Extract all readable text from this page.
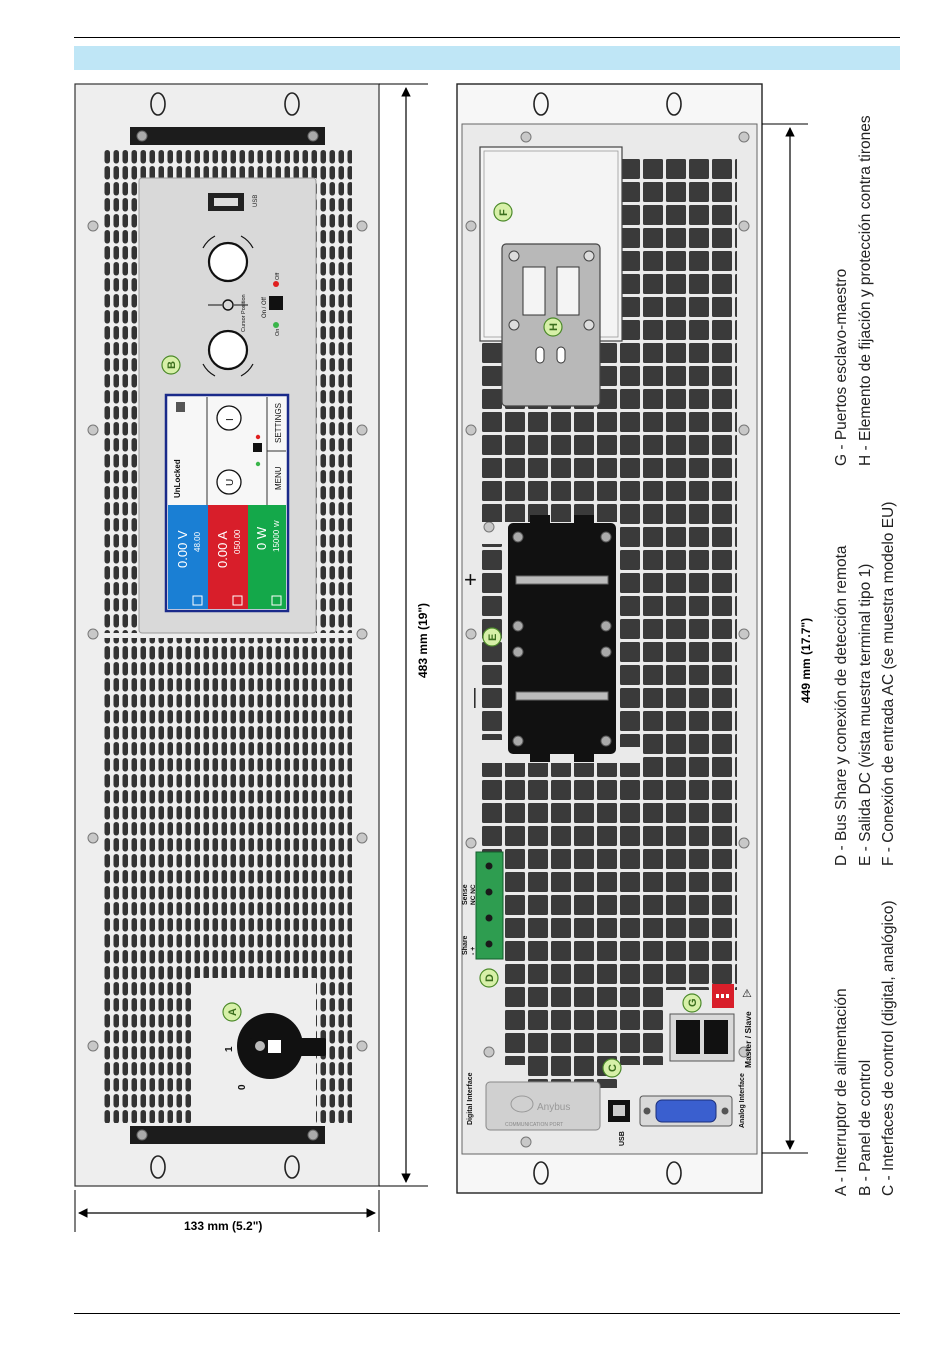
USB
Cursor Position	On / Off
Off
On
UnLocked	U
I
MENU
SETTINGS
0.00 V 48.00 0.00 A 050.00 0 W 15000
W
1
0
+
—
Share - +
Sense NC NC
Master / Slave
⚠
Anybus
COMMUNICATION PORT
Digital Interface
USB
Analog Interface
A
B
C
D
E
F
G
H
133 mm (5.2")
483 mm (19")	449 mm (17.7")
A - Interruptor de alimentación B - Panel de control C - Interfaces de control (digital, analógico)
D - Bus Share y conexión de detección remota E - Salida DC (vista muestra terminal tipo 1) F - Conexión de entrada AC (se muestra modelo EU)
G - Puertos esclavo-maestro H - Elemento de fijación y protección contra tirones
